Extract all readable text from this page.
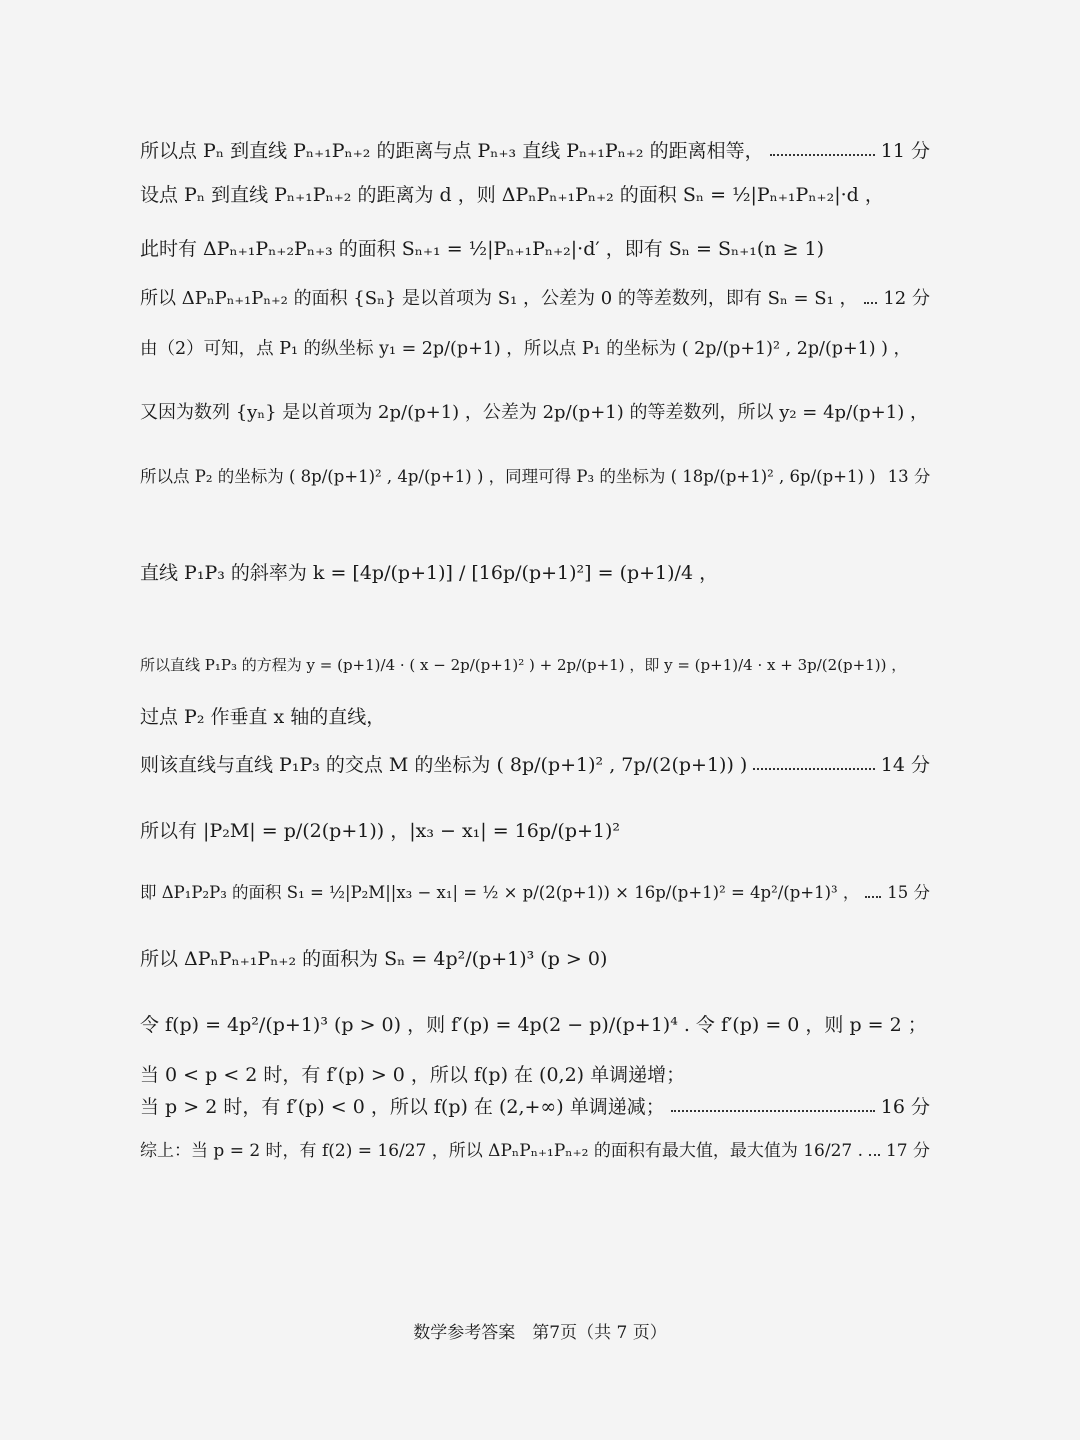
所以点 Pₙ 到直线 Pₙ₊₁Pₙ₊₂ 的距离与点 Pₙ₊₃ 直线 Pₙ₊₁Pₙ₊₂ 的距离相等，	11 分
设点 Pₙ 到直线 Pₙ₊₁Pₙ₊₂ 的距离为 d ，则 ΔPₙPₙ₊₁Pₙ₊₂ 的面积 Sₙ = ½|Pₙ₊₁Pₙ₊₂|·d ，
此时有 ΔPₙ₊₁Pₙ₊₂Pₙ₊₃ 的面积 Sₙ₊₁ = ½|Pₙ₊₁Pₙ₊₂|·d′ ，即有 Sₙ = Sₙ₊₁(n ≥ 1)
所以 ΔPₙPₙ₊₁Pₙ₊₂ 的面积 {Sₙ} 是以首项为 S₁ ，公差为 0 的等差数列，即有 Sₙ = S₁ ， 12 分
由（2）可知，点 P₁ 的纵坐标 y₁ = 2p/(p+1) ，所以点 P₁ 的坐标为 ( 2p/(p+1)² , 2p/(p+1) ) ，
又因为数列 {yₙ} 是以首项为 2p/(p+1) ，公差为 2p/(p+1) 的等差数列，所以 y₂ = 4p/(p+1) ，
所以点 P₂ 的坐标为 ( 8p/(p+1)² , 4p/(p+1) ) ，同理可得 P₃ 的坐标为 ( 18p/(p+1)² , 6p/(p+1) ) 13 分
直线 P₁P₃ 的斜率为 k = [4p/(p+1)] / [16p/(p+1)²] = (p+1)/4 ，
所以直线 P₁P₃ 的方程为 y = (p+1)/4 · ( x − 2p/(p+1)² ) + 2p/(p+1) ，即 y = (p+1)/4 · x + 3p/(2(p+1)) ，
过点 P₂ 作垂直 x 轴的直线，
则该直线与直线 P₁P₃ 的交点 M 的坐标为 ( 8p/(p+1)² , 7p/(2(p+1)) )	14 分
所以有 |P₂M| = p/(2(p+1)) ，|x₃ − x₁| = 16p/(p+1)²
即 ΔP₁P₂P₃ 的面积 S₁ = ½|P₂M||x₃ − x₁| = ½ × p/(2(p+1)) × 16p/(p+1)² = 4p²/(p+1)³ ， 15 分
所以 ΔPₙPₙ₊₁Pₙ₊₂ 的面积为 Sₙ = 4p²/(p+1)³ (p > 0)
令 f(p) = 4p²/(p+1)³ (p > 0) ，则 f′(p) = 4p(2 − p)/(p+1)⁴ . 令 f′(p) = 0 ，则 p = 2 ；
当 0 < p < 2 时，有 f′(p) > 0 ，所以 f(p) 在 (0,2) 单调递增；
当 p > 2 时，有 f′(p) < 0 ，所以 f(p) 在 (2,+∞) 单调递减；	16 分
综上：当 p = 2 时，有 f(2) = 16/27 ，所以 ΔPₙPₙ₊₁Pₙ₊₂ 的面积有最大值，最大值为 16/27 . 17 分
数学参考答案　第7页（共 7 页）
